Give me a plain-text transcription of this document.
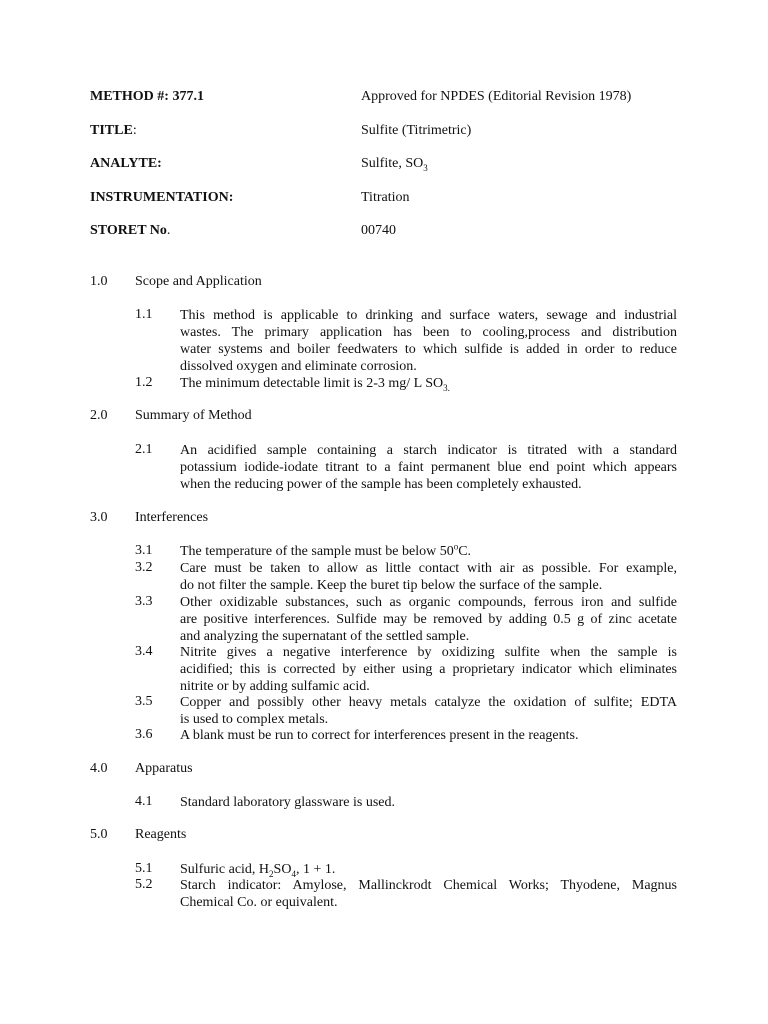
METHOD #: 377.1	Approved for NPDES (Editorial Revision 1978)
TITLE:	Sulfite (Titrimetric)
ANALYTE:	Sulfite, $SO_3$
INSTRUMENTATION:	Titration
STORET No.	00740
1.0 Scope and Application
1.1 This method is applicable to drinking and surface waters, sewage and industrial
wastes. The primary application has been to cooling,process and distribution
water systems and boiler feedwaters to which sulfide is added in order to reduce
dissolved oxygen and eliminate corrosion.
1.2 The minimum detectable limit is 2-3 mg/ L $SO_{3.}$
2.0 Summary of Method
2.1 An acidified sample containing a starch indicator is titrated with a standard
potassium iodide-iodate titrant to a faint permanent blue end point which appears
when the reducing power of the sample has been completely exhausted.
3.0 Interferences
3.1 The temperature of the sample must be below 50$^o$C.
3.2 Care must be taken to allow as little contact with air as possible. For example,
do not filter the sample. Keep the buret tip below the surface of the sample.
3.3 Other oxidizable substances, such as organic compounds, ferrous iron and sulfide
are positive interferences. Sulfide may be removed by adding 0.5 g of zinc acetate
and analyzing the supernatant of the settled sample.
3.4 Nitrite gives a negative interference by oxidizing sulfite when the sample is
acidified; this is corrected by either using a proprietary indicator which eliminates
nitrite or by adding sulfamic acid.
3.5 Copper and possibly other heavy metals catalyze the oxidation of sulfite; EDTA
is used to complex metals.
3.6 A blank must be run to correct for interferences present in the reagents.
4.0 Apparatus
4.1 Standard laboratory glassware is used.
5.0 Reagents
5.1 Sulfuric acid, $H_2SO_4$, 1 + 1.
5.2 Starch indicator: Amylose, Mallinckrodt Chemical Works; Thyodene, Magnus
Chemical Co. or equivalent.
